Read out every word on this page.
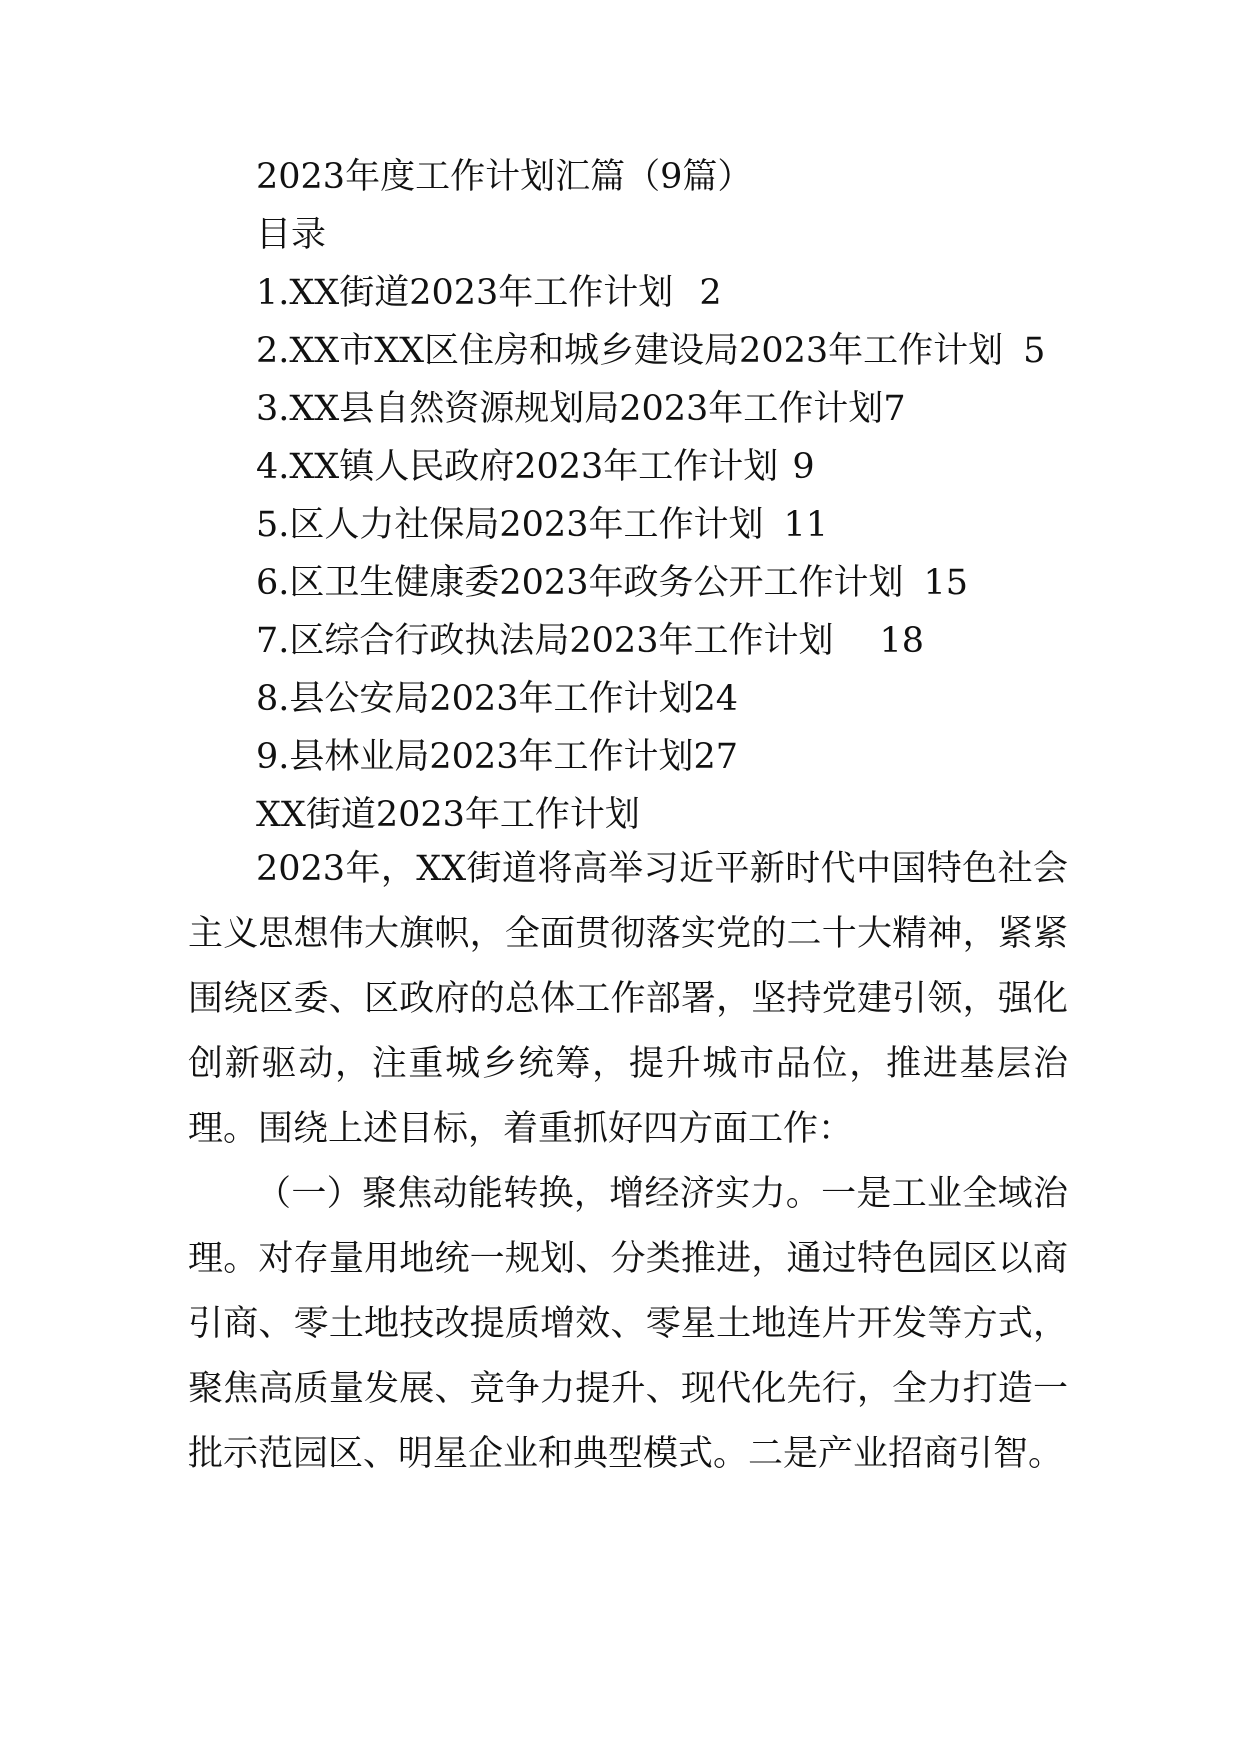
2023年度工作计划汇篇（9篇）

目录

1.XX街道2023年工作计划 2
2.XX市XX区住房和城乡建设局2023年工作计划 5
3.XX县自然资源规划局2023年工作计划7
4.XX镇人民政府2023年工作计划 9
5.区人力社保局2023年工作计划 11
6.区卫生健康委2023年政务公开工作计划 15
7.区综合行政执法局2023年工作计划 18
8.县公安局2023年工作计划24
9.县林业局2023年工作计划27

XX街道2023年工作计划

2023年，XX街道将高举习近平新时代中国特色社会主义思想伟大旗帜，全面贯彻落实党的二十大精神，紧紧围绕区委、区政府的总体工作部署，坚持党建引领，强化创新驱动，注重城乡统筹，提升城市品位，推进基层治理。围绕上述目标，着重抓好四方面工作：

（一）聚焦动能转换，增经济实力。一是工业全域治理。对存量用地统一规划、分类推进，通过特色园区以商引商、零土地技改提质增效、零星土地连片开发等方式，聚焦高质量发展、竞争力提升、现代化先行，全力打造一批示范园区、明星企业和典型模式。二是产业招商引智。
